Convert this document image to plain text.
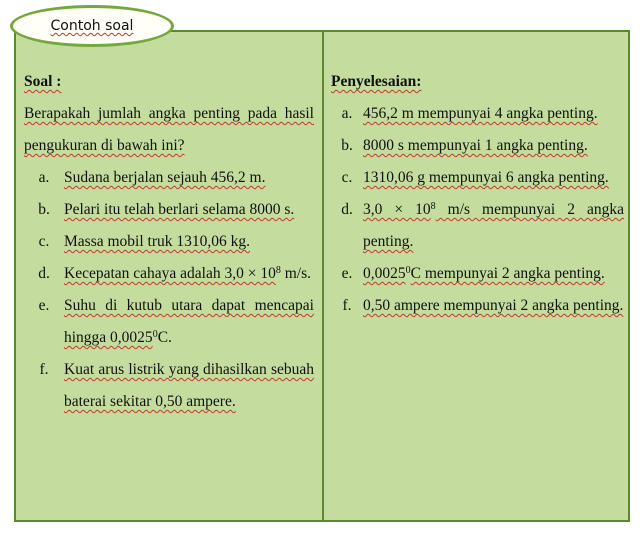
Contoh soal
Soal :
Berapakah jumlah angka penting pada hasil pengukuran di bawah ini?
a. Sudana berjalan sejauh 456,2 m.
b. Pelari itu telah berlari selama 8000 s.
c. Massa mobil truk 1310,06 kg.
d. Kecepatan cahaya adalah $3,0 \times 10^8$ m/s.
e. Suhu di kutub utara dapat mencapai hingga 0,0025$^0$C.
f. Kuat arus listrik yang dihasilkan sebuah baterai sekitar 0,50 ampere.
Penyelesaian:
a. 456,2 m mempunyai 4 angka penting.
b. 8000 s mempunyai 1 angka penting.
c. 1310,06 g mempunyai 6 angka penting.
d. $3,0 \times 10^8$ m/s mempunyai 2 angka penting.
e. 0,0025$^0$C mempunyai 2 angka penting.
f. 0,50 ampere mempunyai 2 angka penting.
